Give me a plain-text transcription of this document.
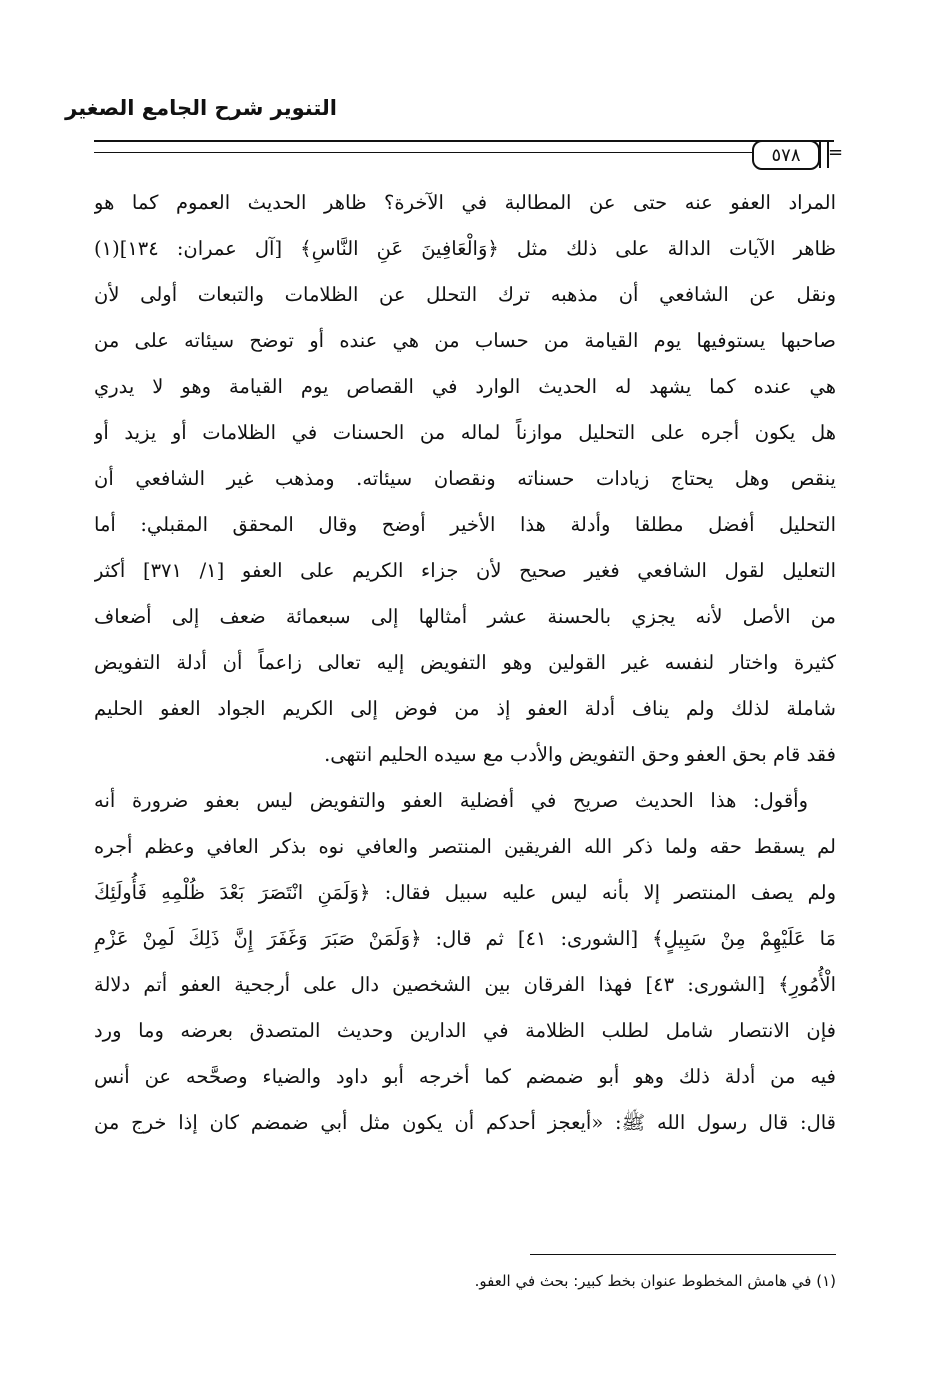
التنوير شرح الجامع الصغير
٥٧٨	=
المراد العفو عنه حتى عن المطالبة في الآخرة؟ ظاهر الحديث العموم كما هو
ظاهر الآيات الدالة على ذلك مثل ﴿وَالْعَافِينَ عَنِ النَّاسِ﴾ [آل عمران: ١٣٤](١)
ونقل عن الشافعي أن مذهبه ترك التحلل عن الظلامات والتبعات أولى لأن
صاحبها يستوفيها يوم القيامة من حساب من هي عنده أو توضح سيئاته على من
هي عنده كما يشهد له الحديث الوارد في القصاص يوم القيامة وهو لا يدري
هل يكون أجره على التحليل موازناً لماله من الحسنات في الظلامات أو يزيد أو
ينقص وهل يحتاج زيادات حسناته ونقصان سيئاته. ومذهب غير الشافعي أن
التحليل أفضل مطلقا وأدلة هذا الأخير أوضح وقال المحقق المقبلي: أما
التعليل لقول الشافعي فغير صحيح لأن جزاء الكريم على العفو [١/ ٣٧١] أكثر
من الأصل لأنه يجزي بالحسنة عشر أمثالها إلى سبعمائة ضعف إلى أضعاف
كثيرة واختار لنفسه غير القولين وهو التفويض إليه تعالى زاعماً أن أدلة التفويض
شاملة لذلك ولم يناف أدلة العفو إذ من فوض إلى الكريم الجواد العفو الحليم
فقد قام بحق العفو وحق التفويض والأدب مع سيده الحليم انتهى.
وأقول: هذا الحديث صريح في أفضلية العفو والتفويض ليس بعفو ضرورة أنه
لم يسقط حقه ولما ذكر الله الفريقين المنتصر والعافي نوه بذكر العافي وعظم أجره
ولم يصف المنتصر إلا بأنه ليس عليه سبيل فقال: ﴿وَلَمَنِ انْتَصَرَ بَعْدَ ظُلْمِهِ فَأُولَئِكَ
مَا عَلَيْهِمْ مِنْ سَبِيلٍ﴾ [الشورى: ٤١] ثم قال: ﴿وَلَمَنْ صَبَرَ وَغَفَرَ إِنَّ ذَلِكَ لَمِنْ عَزْمِ
الْأُمُورِ﴾ [الشورى: ٤٣] فهذا الفرقان بين الشخصين دال على أرجحية العفو أتم دلالة
فإن الانتصار شامل لطلب الظلامة في الدارين وحديث المتصدق بعرضه وما ورد
فيه من أدلة ذلك وهو أبو ضمضم كما أخرجه أبو داود والضياء وصحَّحه عن أنس
قال: قال رسول الله ﷺ: «أيعجز أحدكم أن يكون مثل أبي ضمضم كان إذا خرج من
(١) في هامش المخطوط عنوان بخط كبير: بحث في العفو.
